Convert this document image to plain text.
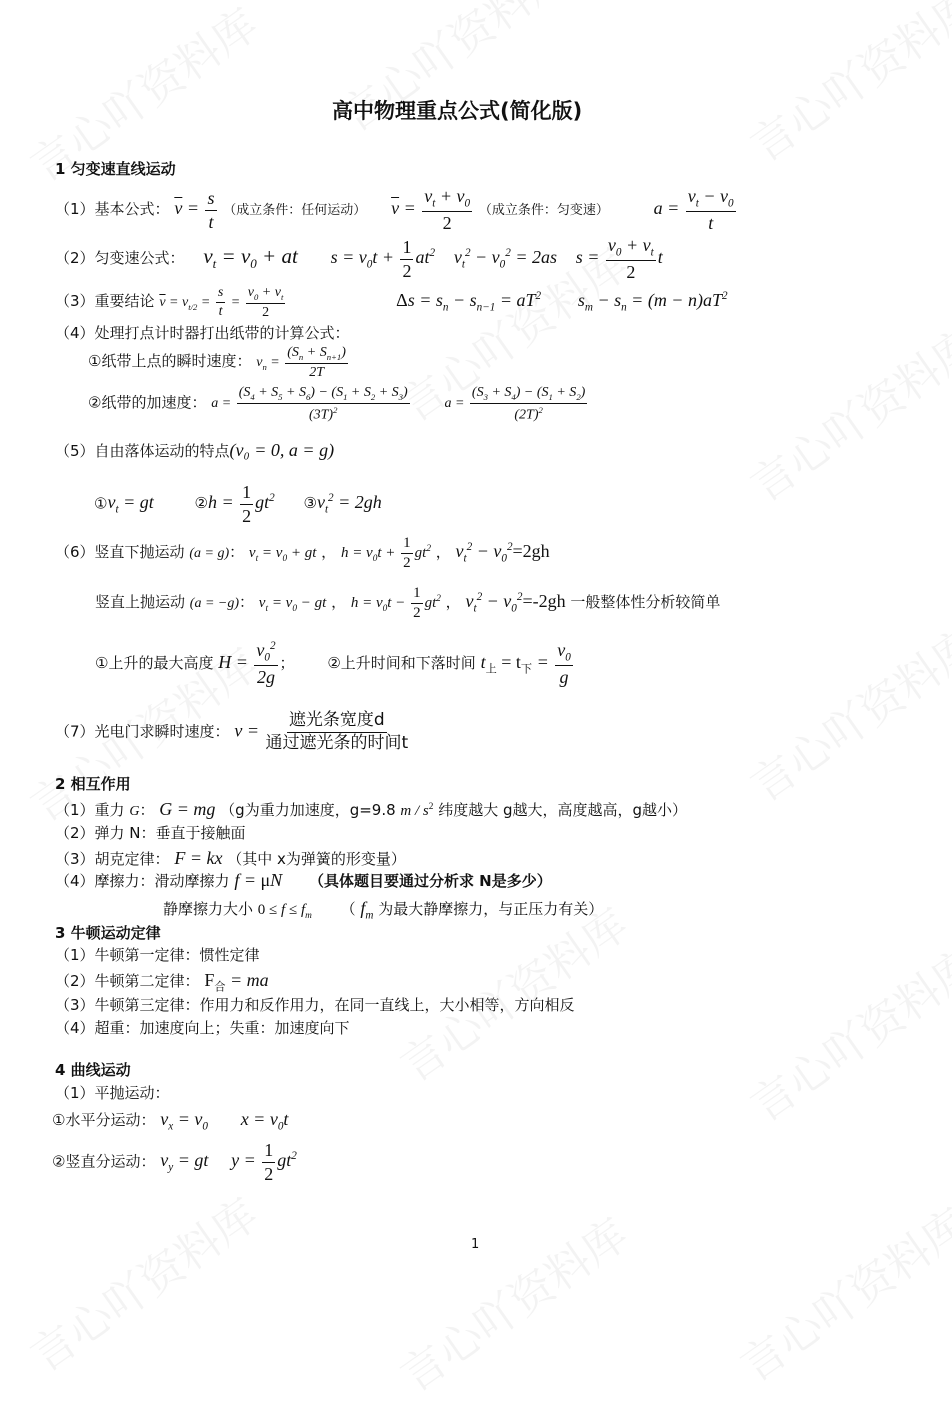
高中物理重点公式(简化版)
1 匀变速直线运动
（1）基本公式： $\overline{v} = \frac{s}{t}$ （成立条件：任何运动） $\overline{v} = \frac{v_t + v_0}{2}$ （成立条件：匀变速） $a = \frac{v_t - v_0}{t}$
（2）匀变速公式： $v_t = v_0$ + at $s = v_0t + \frac{1}{2} at^2$ $v_t^2 - v_0^2 = 2as$ $s = \frac{v_0 + v_t}{2}$ t
（3）重要结论 $\overline{v} = v_{t/2} = \frac{s}{t} = \frac{v_0 + v_t}{2}$	$\Delta s = s_n - s_{n-1} = aT^2$ $s_m - s_n = (m - n)aT^2$
（4）处理打点计时器打出纸带的计算公式：
①纸带上点的瞬时速度： $v_n = \frac{(S_n + S_{n+1})}{2T}$
②纸带的加速度： $a = \frac{(S_4 + S_5 + S_6) - (S_1 + S_2 + S_3)}{(3T)^2}$ $a = \frac{(S_3 + S_4) - (S_1 + S_2)}{(2T)^2}$
（5）自由落体运动的特点(v₀ = 0, a = g)
$①v_t$ = gt	②h = $\frac{1}{2} gt^2$ $③v_t^2 = 2gh$
（6）竖直下抛运动 (a = g)： $v_t = v_0$ + gt ， $h = v_0t + \frac{1}{2} gt^2$ ， $v_t^2 - v_0^2=2gh$
竖直上抛运动 (a = −g)： $v_t = v_0$ − gt ， $h = v_0t - \frac{1}{2} gt^2$ ， $v_t^2 - v_0^2=-2gh$ 一般整体性分析较简单
①上升的最大高度 $H = \frac{v_0^2}{2g}$ ； ②上升时间和下落时间 $t_上 = t_下 = \frac{v_0}{g}$
（7）光电门求瞬时速度： v =
遮光条宽度d
通过遮光条的时间t
2 相互作用
（1）重力 G： G = mg （g为重力加速度，g=9.8 m / $s^2$ 纬度越大 g越大，高度越高，g越小）
（2）弹力 N：垂直于接触面
（3）胡克定律： F = kx （其中 x为弹簧的形变量）
（4）摩擦力：滑动摩擦力 f = μN （具体题目要通过分析求 N是多少）
静摩擦力大小 $0 \le f \le f_m$ （ $f_m$ 为最大静摩擦力，与正压力有关）
3 牛顿运动定律
（1）牛顿第一定律：惯性定律
（2）牛顿第二定律： $F_合$ = ma
（3）牛顿第三定律：作用力和反作用力，在同一直线上，大小相等，方向相反
（4）超重：加速度向上；失重：加速度向下
4 曲线运动
（1）平抛运动：
①水平分运动： $v_x = v_0$ $x = v_0t$
②竖直分运动： $v_y$ = gt $y = \frac{1}{2} gt^2$
1
